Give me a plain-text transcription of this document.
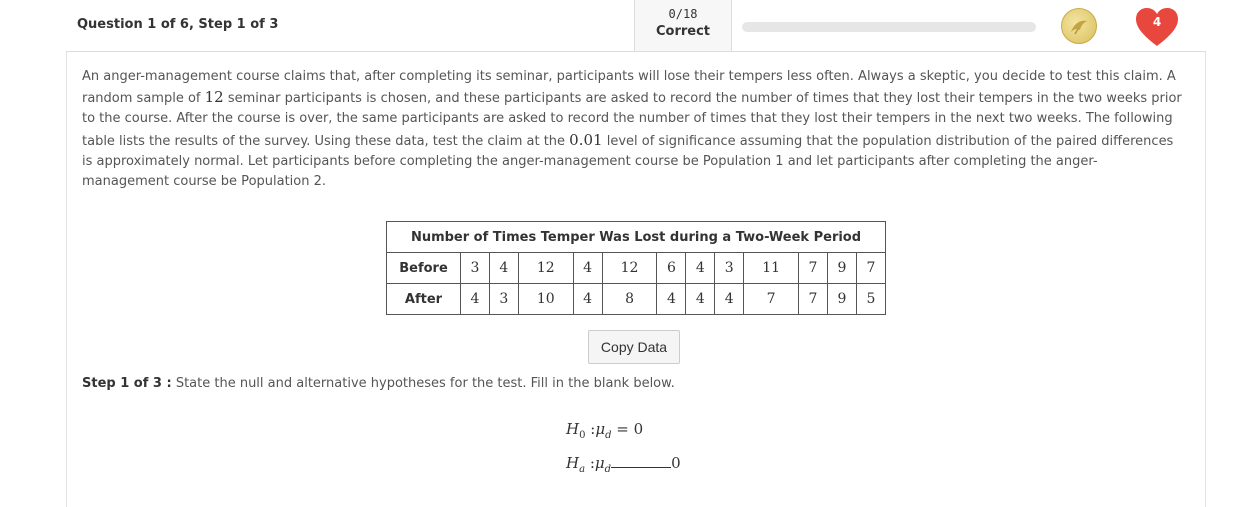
Question 1 of 6, Step 1 of 3
0/18
Correct
4
An anger-management course claims that, after completing its seminar, participants will lose their tempers less often. Always a skeptic, you decide to test this claim. A random sample of 12 seminar participants is chosen, and these participants are asked to record the number of times that they lost their tempers in the two weeks prior to the course. After the course is over, the same participants are asked to record the number of times that they lost their tempers in the next two weeks. The following table lists the results of the survey. Using these data, test the claim at the 0.01 level of significance assuming that the population distribution of the paired differences is approximately normal. Let participants before completing the anger-management course be Population 1 and let participants after completing the anger-management course be Population 2.
Number of Times Temper Was Lost during a Two-Week Period												
Before	3	4	12	4	12	6	4	3	11	7	9	7
After	4	3	10	4	8	4	4	4	7	7	9	5
Copy Data
Step 1 of 3 : State the null and alternative hypotheses for the test. Fill in the blank below.
$H_0$ $:\mu_d = 0$
$H_a$ $:\mu_d$	0
